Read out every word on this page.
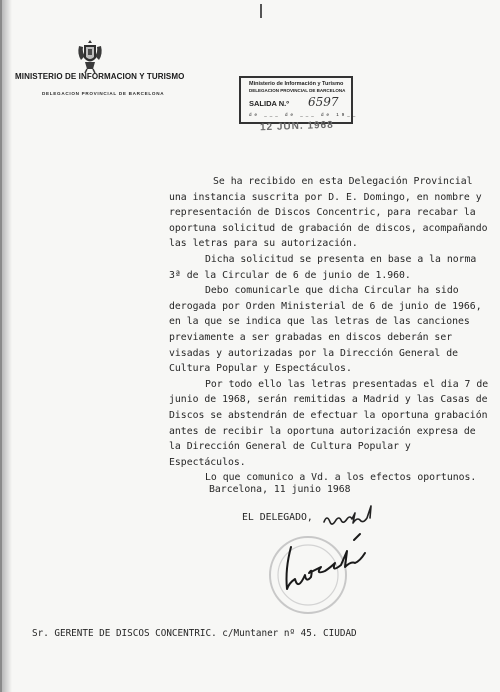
MINISTERIO DE INFORMACION Y TURISMO
DELEGACION PROVINCIAL DE BARCELONA
Ministerio de Información y Turismo
DELEGACION PROVINCIAL DE BARCELONA
SALIDA N.º 6597
de ___ de ___ de 19__
12 JUN. 1968

Se ha recibido en esta Delegación Provincial una instancia suscrita por D. E. Domingo, en nombre y representación de Discos Concentric, para recabar la oportuna solicitud de grabación de discos, acompañando las letras para su autorización.

Dicha solicitud se presenta en base a la norma 3ª de la Circular de 6 de junio de 1.960.

Debo comunicarle que dicha Circular ha sido derogada por Orden Ministerial de 6 de junio de 1966, en la que se indica que las letras de las canciones previamente a ser grabadas en discos deberán ser visadas y autorizadas por la Dirección General de Cultura Popular y Espectáculos.

Por todo ello las letras presentadas el dia 7 de junio de 1968, serán remitidas a Madrid y las Casas de Discos se abstendrán de efectuar la oportuna grabación antes de recibir la oportuna autorización expresa de la Dirección General de Cultura Popular y Espectáculos.

Lo que comunico a Vd. a los efectos oportunos.

Barcelona, 11 junio 1968
EL DELEGADO,
Sr. GERENTE DE DISCOS CONCENTRIC. c/Muntaner nº 45. CIUDAD
